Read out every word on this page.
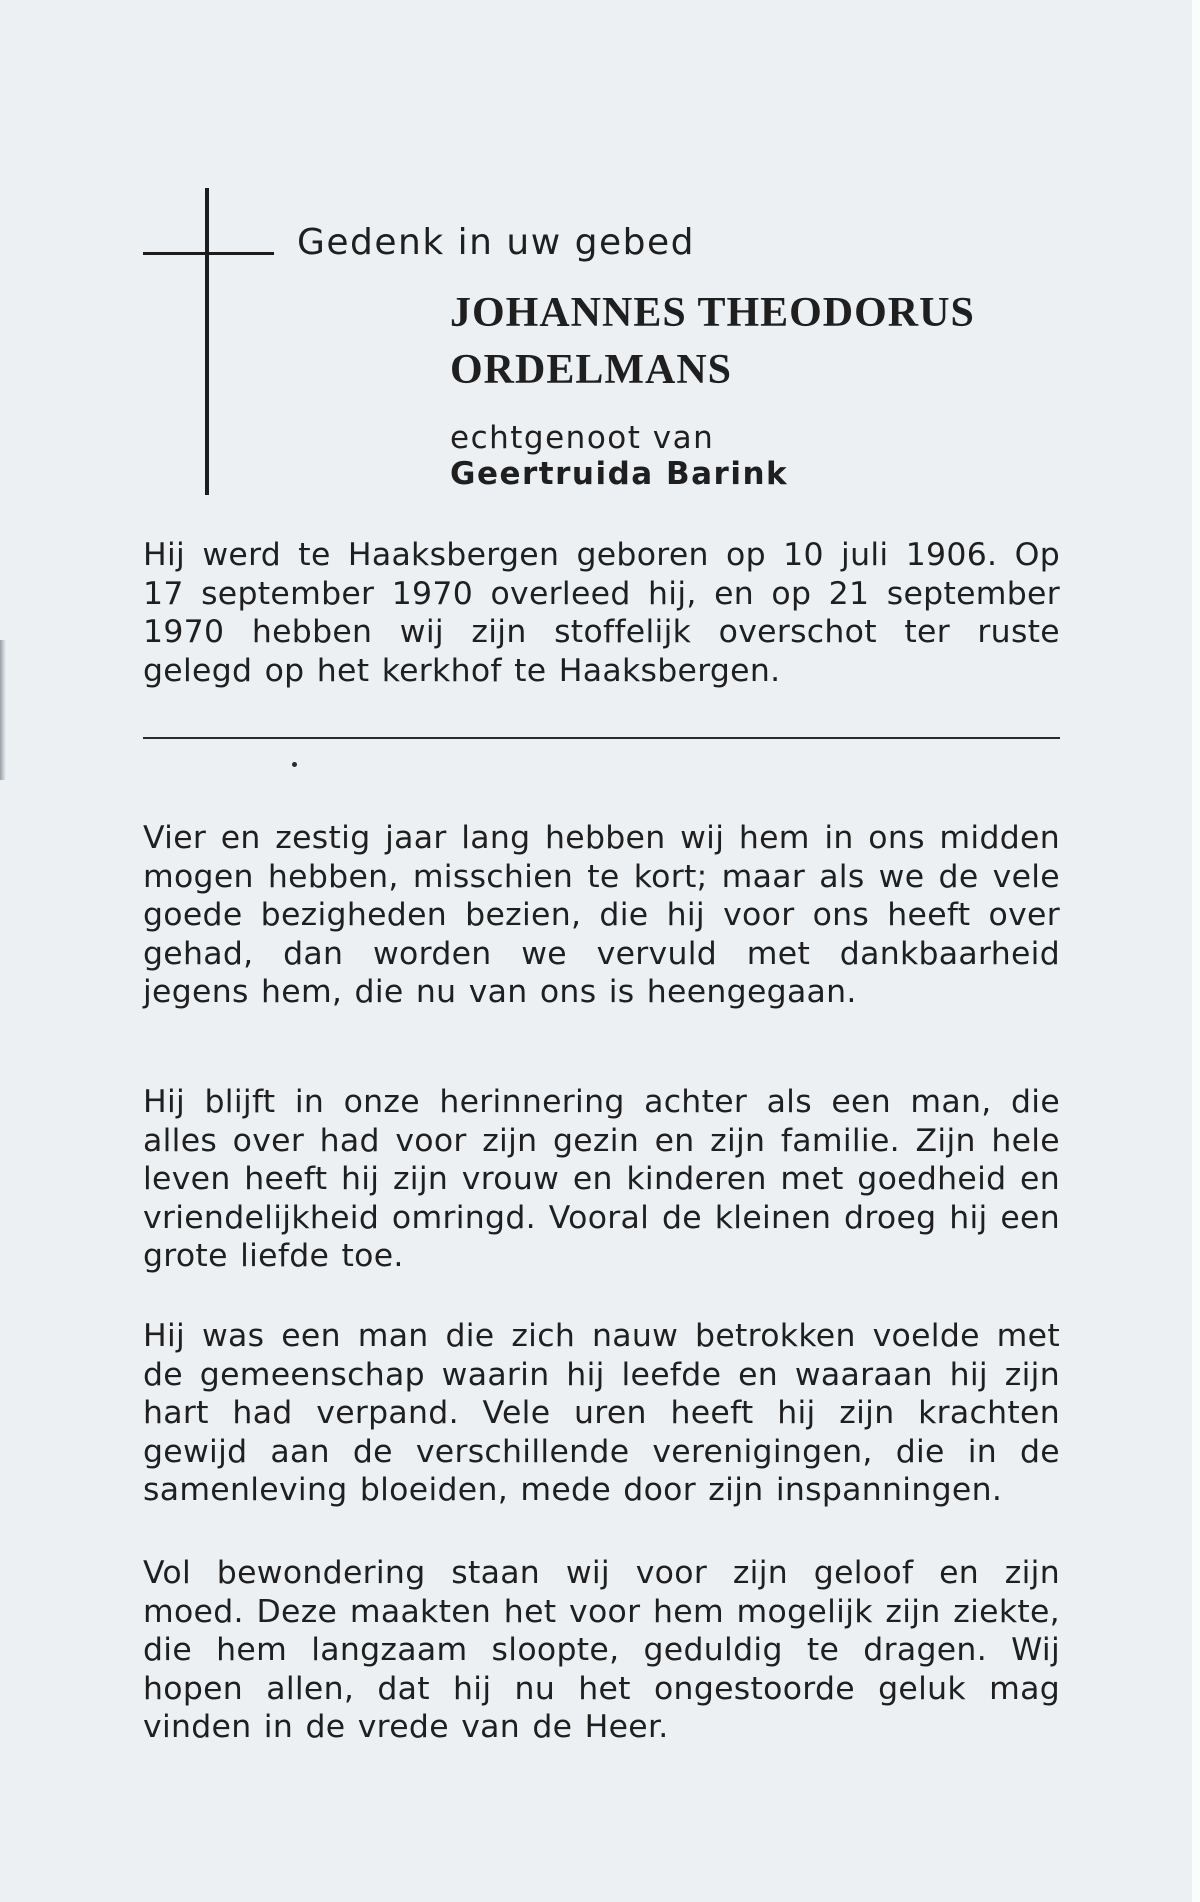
Gedenk in uw gebed

JOHANNES THEODORUS

ORDELMANS

echtgenoot van

Geertruida Barink

Hij werd te Haaksbergen geboren op 10 juli 1906. Op 17 september 1970 overleed hij, en op 21 september 1970 hebben wij zijn stoffelijk overschot ter ruste gelegd op het kerkhof te Haaksbergen.

Vier en zestig jaar lang hebben wij hem in ons midden mogen hebben, misschien te kort; maar als we de vele goede bezigheden bezien, die hij voor ons heeft over gehad, dan worden we vervuld met dankbaarheid jegens hem, die nu van ons is heengegaan.

Hij blijft in onze herinnering achter als een man, die alles over had voor zijn gezin en zijn familie. Zijn hele leven heeft hij zijn vrouw en kinderen met goedheid en vriendelijkheid omringd. Vooral de kleinen droeg hij een grote liefde toe.

Hij was een man die zich nauw betrokken voelde met de gemeenschap waarin hij leefde en waaraan hij zijn hart had verpand. Vele uren heeft hij zijn krachten gewijd aan de verschillende verenigingen, die in de samenleving bloeiden, mede door zijn inspanningen.

Vol bewondering staan wij voor zijn geloof en zijn moed. Deze maakten het voor hem mogelijk zijn ziekte, die hem langzaam sloopte, geduldig te dragen. Wij hopen allen, dat hij nu het ongestoorde geluk mag vinden in de vrede van de Heer.
